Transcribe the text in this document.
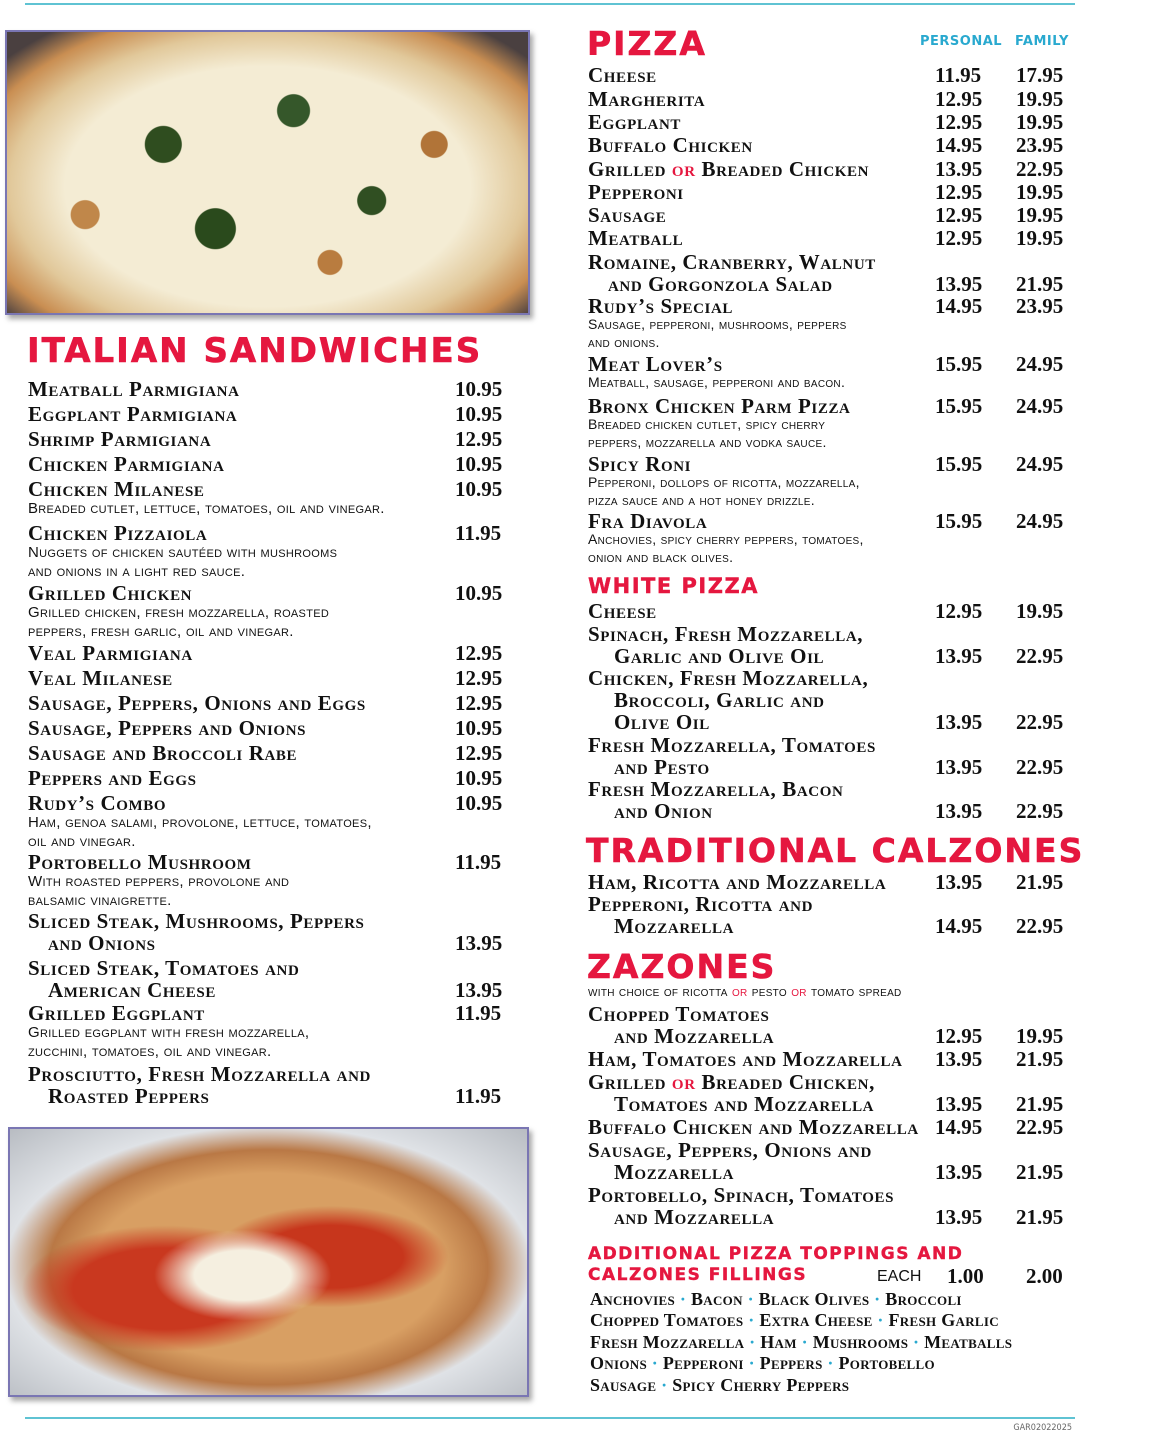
ITALIAN SANDWICHES
PIZZA	PERSONAL FAMILY
WHITE PIZZA
TRADITIONAL CALZONES
ZAZONES
with choice of ricotta or pesto or tomato spread
ADDITIONAL PIZZA TOPPINGS AND
CALZONES FILLINGS	EACH 1.00 2.00
GAR02022025
Meatball Parmigiana	10.95
Eggplant Parmigiana	10.95
Shrimp Parmigiana	12.95
Chicken Parmigiana	10.95
Chicken Milanese	10.95
Breaded cutlet, lettuce, tomatoes, oil and vinegar.
Chicken Pizzaiola	11.95
Nuggets of chicken sautéed with mushrooms
and onions in a light red sauce.
Grilled Chicken	10.95
Grilled chicken, fresh mozzarella, roasted
peppers, fresh garlic, oil and vinegar.
Veal Parmigiana	12.95
Veal Milanese	12.95
Sausage, Peppers, Onions and Eggs	12.95
Sausage, Peppers and Onions	10.95
Sausage and Broccoli Rabe	12.95
Peppers and Eggs	10.95
Rudy’s Combo	10.95
Ham, genoa salami, provolone, lettuce, tomatoes,
oil and vinegar.
Portobello Mushroom	11.95
With roasted peppers, provolone and
balsamic vinaigrette.
Sliced Steak, Mushrooms, Peppers
and Onions	13.95
Sliced Steak, Tomatoes and
American Cheese	13.95
Grilled Eggplant	11.95
Grilled eggplant with fresh mozzarella,
zucchini, tomatoes, oil and vinegar.
Prosciutto, Fresh Mozzarella and
Roasted Peppers	11.95
Cheese	11.95 17.95
Margherita	12.95 19.95
Eggplant	12.95 19.95
Buffalo Chicken	14.95 23.95
Grilled or Breaded Chicken	13.95 22.95
Pepperoni	12.95 19.95
Sausage	12.95 19.95
Meatball	12.95 19.95
Romaine, Cranberry, Walnut
and Gorgonzola Salad	13.95 21.95
Rudy’s Special	14.95 23.95
Sausage, pepperoni, mushrooms, peppers
and onions.
Meat Lover’s	15.95 24.95
Meatball, sausage, pepperoni and bacon.
Bronx Chicken Parm Pizza	15.95 24.95
Breaded chicken cutlet, spicy cherry
peppers, mozzarella and vodka sauce.
Spicy Roni	15.95 24.95
Pepperoni, dollops of ricotta, mozzarella,
pizza sauce and a hot honey drizzle.
Fra Diavola	15.95 24.95
Anchovies, spicy cherry peppers, tomatoes,
onion and black olives.
Cheese	12.95 19.95
Spinach, Fresh Mozzarella,
Garlic and Olive Oil	13.95 22.95
Chicken, Fresh Mozzarella,
Broccoli, Garlic and
Olive Oil	13.95 22.95
Fresh Mozzarella, Tomatoes
and Pesto	13.95 22.95
Fresh Mozzarella, Bacon
and Onion	13.95 22.95
Ham, Ricotta and Mozzarella 13.95 21.95
Pepperoni, Ricotta and
Mozzarella	14.95 22.95
Chopped Tomatoes
and Mozzarella	12.95 19.95
Ham, Tomatoes and Mozzarella 13.95 21.95
Grilled or Breaded Chicken,
Tomatoes and Mozzarella	13.95 21.95
Buffalo Chicken and Mozzarella 14.95 22.95
Sausage, Peppers, Onions and
Mozzarella	13.95 21.95
Portobello, Spinach, Tomatoes
and Mozzarella	13.95 21.95
Anchovies · Bacon · Black Olives · Broccoli
Chopped Tomatoes · Extra Cheese · Fresh Garlic
Fresh Mozzarella · Ham · Mushrooms · Meatballs
Onions · Pepperoni · Peppers · Portobello
Sausage · Spicy Cherry Peppers
